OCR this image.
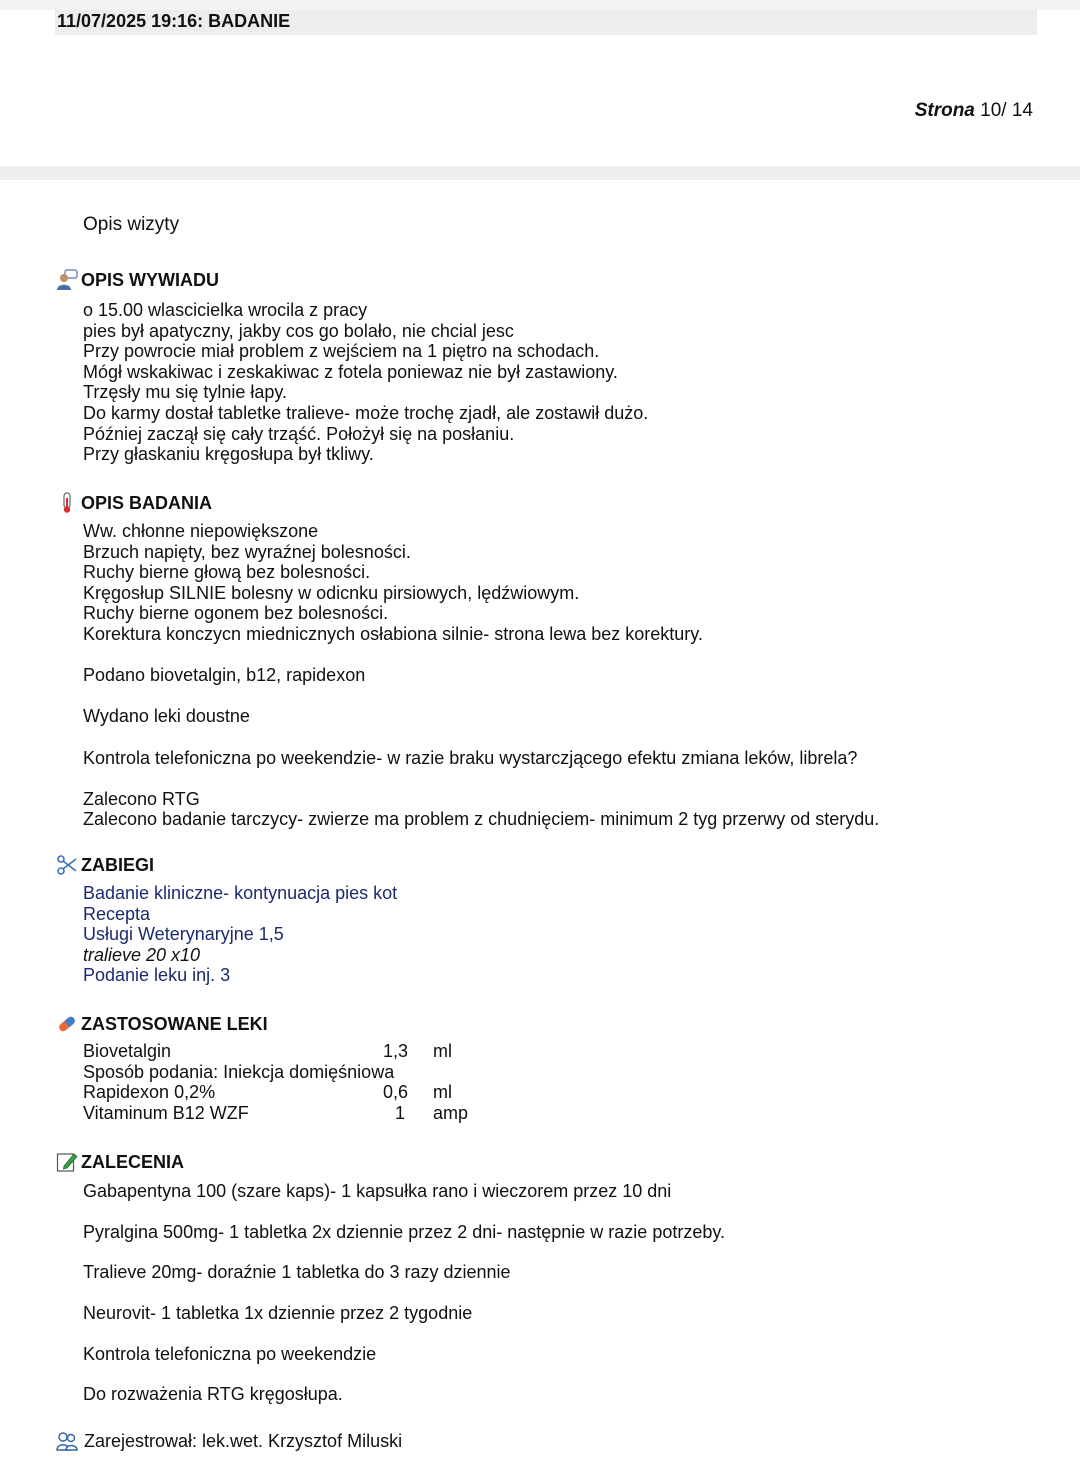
11/07/2025 19:16: BADANIE
Strona 10/ 14
Opis wizyty
OPIS WYWIADU
o 15.00 wlascicielka wrocila z pracy
pies był apatyczny, jakby cos go bolało, nie chcial jesc
Przy powrocie miał problem z wejściem na 1 piętro na schodach.
Mógł wskakiwac i zeskakiwac z fotela poniewaz nie był zastawiony.
Trzęsły mu się tylnie łapy.
Do karmy dostał tabletke tralieve- może trochę zjadł, ale zostawił dużo.
Później zaczął się cały trząść. Położył się na posłaniu.
Przy głaskaniu kręgosłupa był tkliwy.
OPIS BADANIA
Ww. chłonne niepowiększone
Brzuch napięty, bez wyraźnej bolesności.
Ruchy bierne głową bez bolesności.
Kręgosłup SILNIE bolesny w odicnku pirsiowych, lędźwiowym.
Ruchy bierne ogonem bez bolesności.
Korektura konczycn miednicznych osłabiona silnie- strona lewa bez korektury.
Podano biovetalgin, b12, rapidexon
Wydano leki doustne
Kontrola telefoniczna po weekendzie- w razie braku wystarczjącego efektu zmiana leków, librela?
Zalecono RTG
Zalecono badanie tarczycy- zwierze ma problem z chudnięciem- minimum 2 tyg przerwy od sterydu.
ZABIEGI
Badanie kliniczne- kontynuacja pies kot
Recepta
Usługi Weterynaryjne 1,5
tralieve 20 x10
Podanie leku inj. 3
ZASTOSOWANE LEKI
Biovetalgin	1,3 ml
Sposób podania: Iniekcja domięśniowa
Rapidexon 0,2%	0,6 ml
Vitaminum B12 WZF	1 amp
ZALECENIA
Gabapentyna 100 (szare kaps)- 1 kapsułka rano i wieczorem przez 10 dni
Pyralgina 500mg- 1 tabletka 2x dziennie przez 2 dni- następnie w razie potrzeby.
Tralieve 20mg- doraźnie 1 tabletka do 3 razy dziennie
Neurovit- 1 tabletka 1x dziennie przez 2 tygodnie
Kontrola telefoniczna po weekendzie
Do rozważenia RTG kręgosłupa.
Zarejestrował: lek.wet. Krzysztof Miluski
